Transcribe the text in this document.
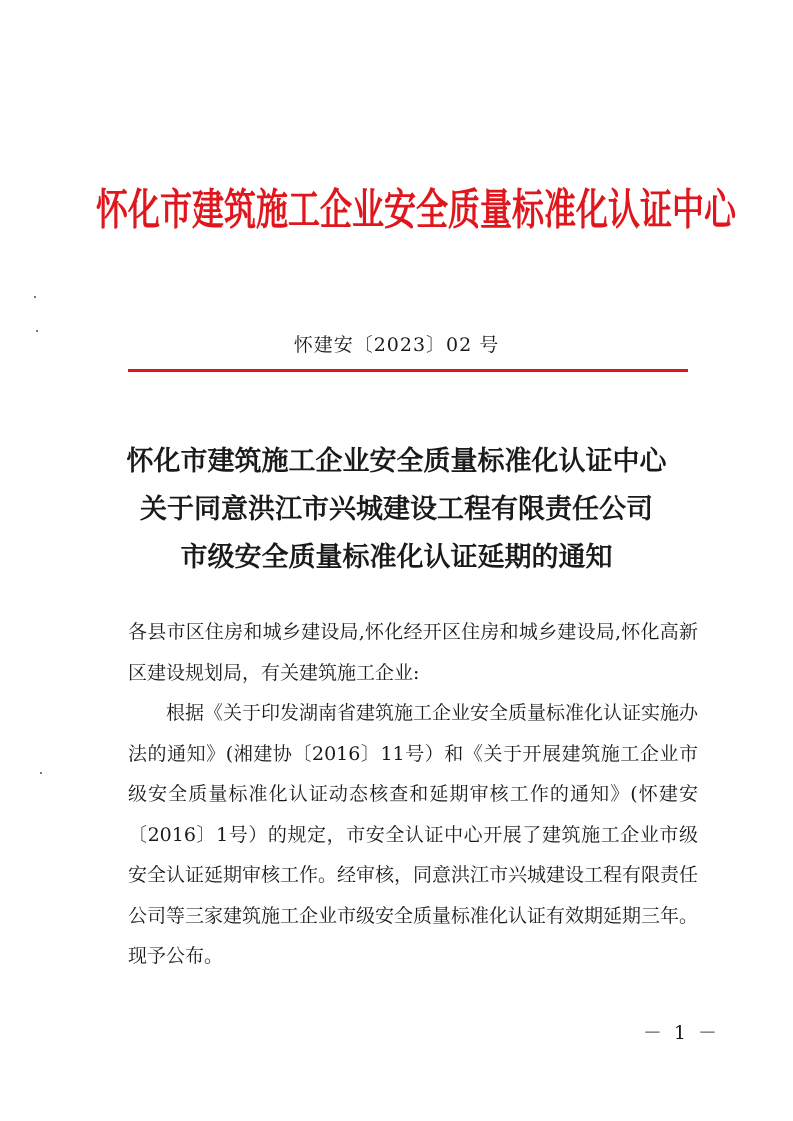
怀化市建筑施工企业安全质量标准化认证中心
怀建安〔2023〕02 号
怀化市建筑施工企业安全质量标准化认证中心
关于同意洪江市兴城建设工程有限责任公司
市级安全质量标准化认证延期的通知

各县市区住房和城乡建设局,怀化经开区住房和城乡建设局,怀化高新区建设规划局，有关建筑施工企业:

根据《关于印发湖南省建筑施工企业安全质量标准化认证实施办法的通知》(湘建协〔2016〕11号）和《关于开展建筑施工企业市级安全质量标准化认证动态核查和延期审核工作的通知》(怀建安〔2016〕1号）的规定，市安全认证中心开展了建筑施工企业市级安全认证延期审核工作。经审核，同意洪江市兴城建设工程有限责任公司等三家建筑施工企业市级安全质量标准化认证有效期延期三年。现予公布。

－ 1 －
